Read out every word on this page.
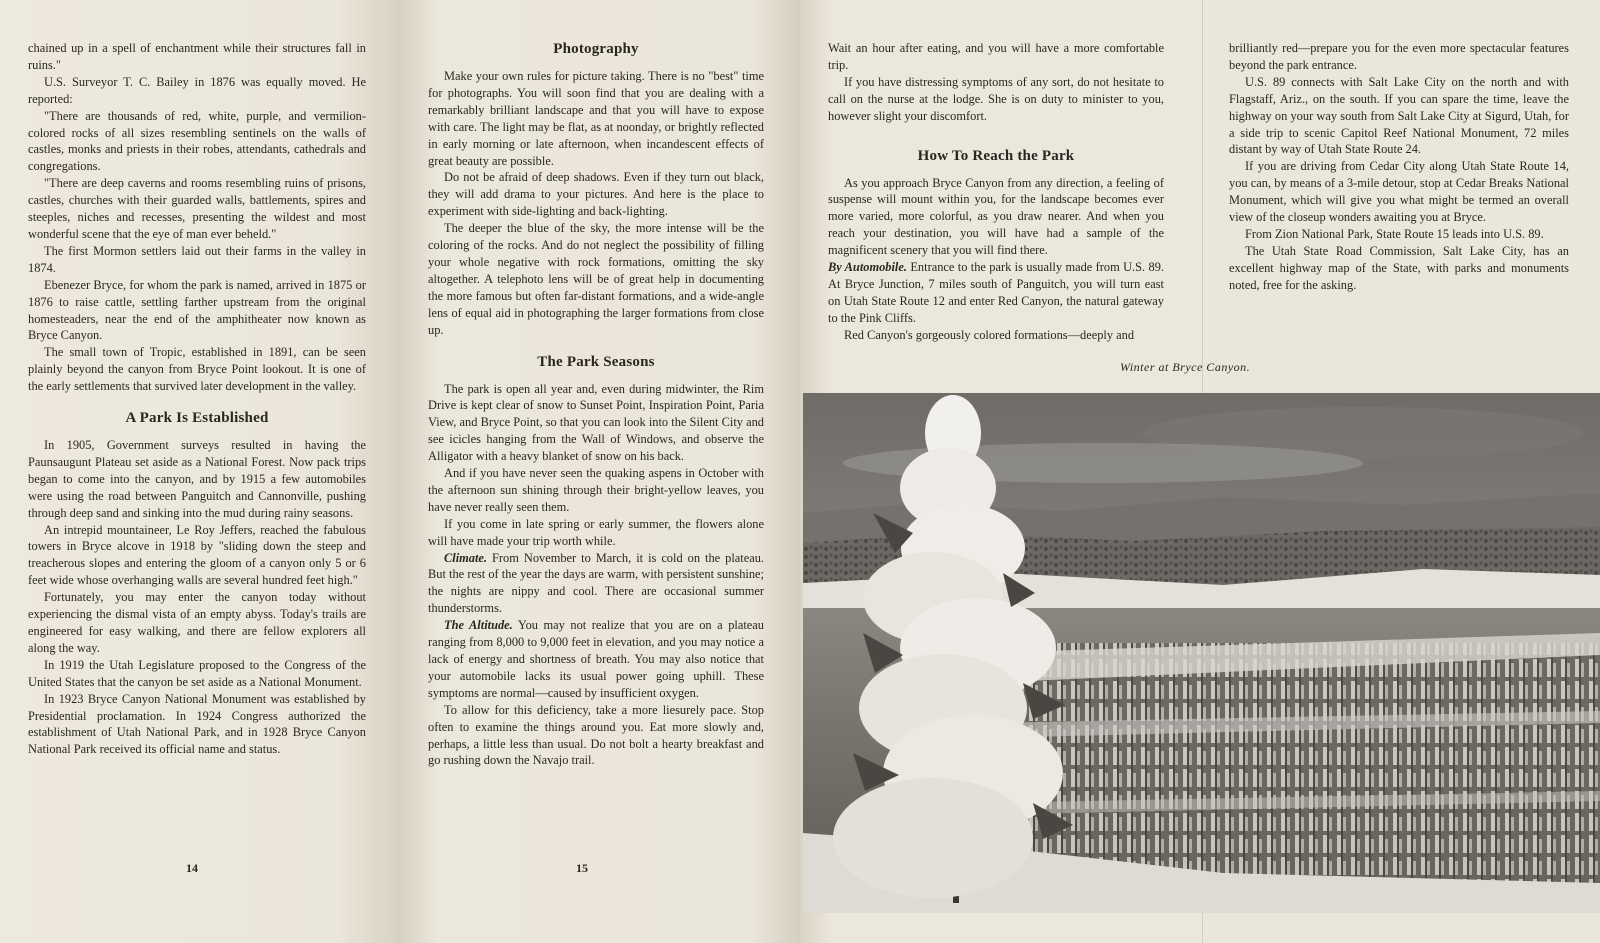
chained up in a spell of enchantment while their structures fall in ruins."

U.S. Surveyor T. C. Bailey in 1876 was equally moved. He reported:

"There are thousands of red, white, purple, and vermilion-colored rocks of all sizes resembling sentinels on the walls of castles, monks and priests in their robes, attendants, cathedrals and congregations.

"There are deep caverns and rooms resembling ruins of prisons, castles, churches with their guarded walls, battlements, spires and steeples, niches and recesses, presenting the wildest and most wonderful scene that the eye of man ever beheld."

The first Mormon settlers laid out their farms in the valley in 1874.

Ebenezer Bryce, for whom the park is named, arrived in 1875 or 1876 to raise cattle, settling farther upstream from the original homesteaders, near the end of the amphitheater now known as Bryce Canyon.

The small town of Tropic, established in 1891, can be seen plainly beyond the canyon from Bryce Point lookout. It is one of the early settlements that survived later development in the valley.

A Park Is Established

In 1905, Government surveys resulted in having the Paunsaugunt Plateau set aside as a National Forest. Now pack trips began to come into the canyon, and by 1915 a few automobiles were using the road between Panguitch and Cannonville, pushing through deep sand and sinking into the mud during rainy seasons.

An intrepid mountaineer, Le Roy Jeffers, reached the fabulous towers in Bryce alcove in 1918 by "sliding down the steep and treacherous slopes and entering the gloom of a canyon only 5 or 6 feet wide whose overhanging walls are several hundred feet high."

Fortunately, you may enter the canyon today without experiencing the dismal vista of an empty abyss. Today's trails are engineered for easy walking, and there are fellow explorers all along the way.

In 1919 the Utah Legislature proposed to the Congress of the United States that the canyon be set aside as a National Monument.

In 1923 Bryce Canyon National Monument was established by Presidential proclamation. In 1924 Congress authorized the establishment of Utah National Park, and in 1928 Bryce Canyon National Park received its official name and status.

14
Photography

Make your own rules for picture taking. There is no "best" time for photographs. You will soon find that you are dealing with a remarkably brilliant landscape and that you will have to expose with care. The light may be flat, as at noonday, or brightly reflected in early morning or late afternoon, when incandescent effects of great beauty are possible.

Do not be afraid of deep shadows. Even if they turn out black, they will add drama to your pictures. And here is the place to experiment with side-lighting and back-lighting.

The deeper the blue of the sky, the more intense will be the coloring of the rocks. And do not neglect the possibility of filling your whole negative with rock formations, omitting the sky altogether. A telephoto lens will be of great help in documenting the more famous but often far-distant formations, and a wide-angle lens of equal aid in photographing the larger formations from close up.

The Park Seasons

The park is open all year and, even during midwinter, the Rim Drive is kept clear of snow to Sunset Point, Inspiration Point, Paria View, and Bryce Point, so that you can look into the Silent City and see icicles hanging from the Wall of Windows, and observe the Alligator with a heavy blanket of snow on his back.

And if you have never seen the quaking aspens in October with the afternoon sun shining through their bright-yellow leaves, you have never really seen them.

If you come in late spring or early summer, the flowers alone will have made your trip worth while.

Climate. From November to March, it is cold on the plateau. But the rest of the year the days are warm, with persistent sunshine; the nights are nippy and cool. There are occasional summer thunderstorms.

The Altitude. You may not realize that you are on a plateau ranging from 8,000 to 9,000 feet in elevation, and you may notice a lack of energy and shortness of breath. You may also notice that your automobile lacks its usual power going uphill. These symptoms are normal—caused by insufficient oxygen.

To allow for this deficiency, take a more liesurely pace. Stop often to examine the things around you. Eat more slowly and, perhaps, a little less than usual. Do not bolt a hearty breakfast and go rushing down the Navajo trail.

15

Wait an hour after eating, and you will have a more comfortable trip.

If you have distressing symptoms of any sort, do not hesitate to call on the nurse at the lodge. She is on duty to minister to you, however slight your discomfort.

How To Reach the Park

As you approach Bryce Canyon from any direction, a feeling of suspense will mount within you, for the landscape becomes ever more varied, more colorful, as you draw nearer. And when you reach your destination, you will have had a sample of the magnificent scenery that you will find there.

By Automobile. Entrance to the park is usually made from U.S. 89. At Bryce Junction, 7 miles south of Panguitch, you will turn east on Utah State Route 12 and enter Red Canyon, the natural gateway to the Pink Cliffs.

Red Canyon's gorgeously colored formations—deeply and

brilliantly red—prepare you for the even more spectacular features beyond the park entrance.

U.S. 89 connects with Salt Lake City on the north and with Flagstaff, Ariz., on the south. If you can spare the time, leave the highway on your way south from Salt Lake City at Sigurd, Utah, for a side trip to scenic Capitol Reef National Monument, 72 miles distant by way of Utah State Route 24.

If you are driving from Cedar City along Utah State Route 14, you can, by means of a 3-mile detour, stop at Cedar Breaks National Monument, which will give you what might be termed an overall view of the closeup wonders awaiting you at Bryce.

From Zion National Park, State Route 15 leads into U.S. 89.

The Utah State Road Commission, Salt Lake City, has an excellent highway map of the State, with parks and monuments noted, free for the asking.

Winter at Bryce Canyon.
